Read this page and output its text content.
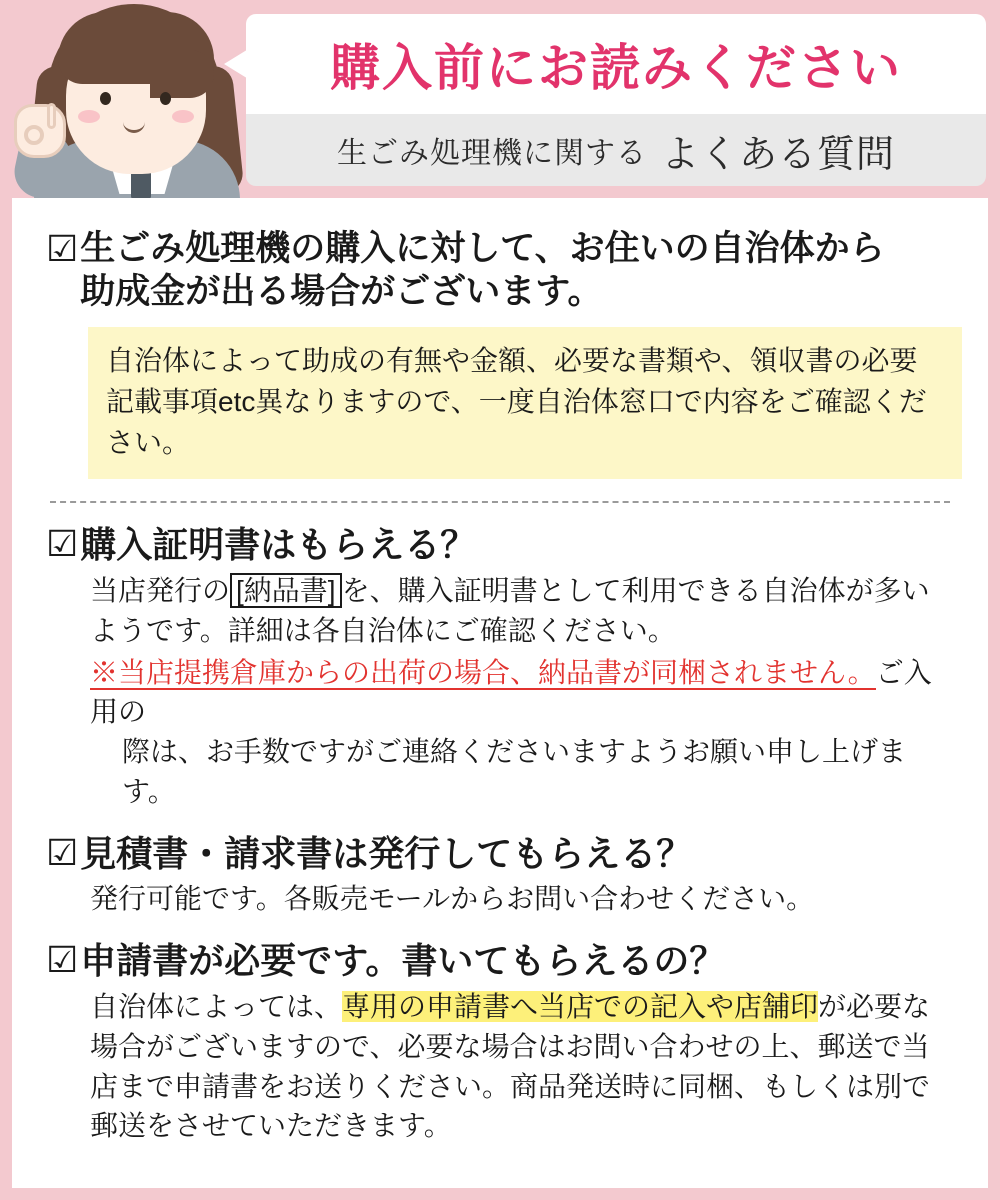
購入前にお読みください
生ごみ処理機に関する よくある質問
☑ 生ごみ処理機の購入に対して、お住いの自治体から
助成金が出る場合がございます。
自治体によって助成の有無や金額、必要な書類や、領収書の必要記載事項etc異なりますので、一度自治体窓口で内容をご確認ください。
☑ 購入証明書はもらえる？
当店発行の [納品書] を、購入証明書として利用できる自治体が多いようです。詳細は各自治体にご確認ください。
※当店提携倉庫からの出荷の場合、納品書が同梱されません。ご入用の
際は、お手数ですがご連絡くださいますようお願い申し上げます。
☑ 見積書・請求書は発行してもらえる？
発行可能です。各販売モールからお問い合わせください。
☑ 申請書が必要です。書いてもらえるの？
自治体によっては、専用の申請書へ当店での記入や店舗印が必要な場合がございますので、必要な場合はお問い合わせの上、郵送で当店まで申請書をお送りください。商品発送時に同梱、もしくは別で郵送をさせていただきます。
